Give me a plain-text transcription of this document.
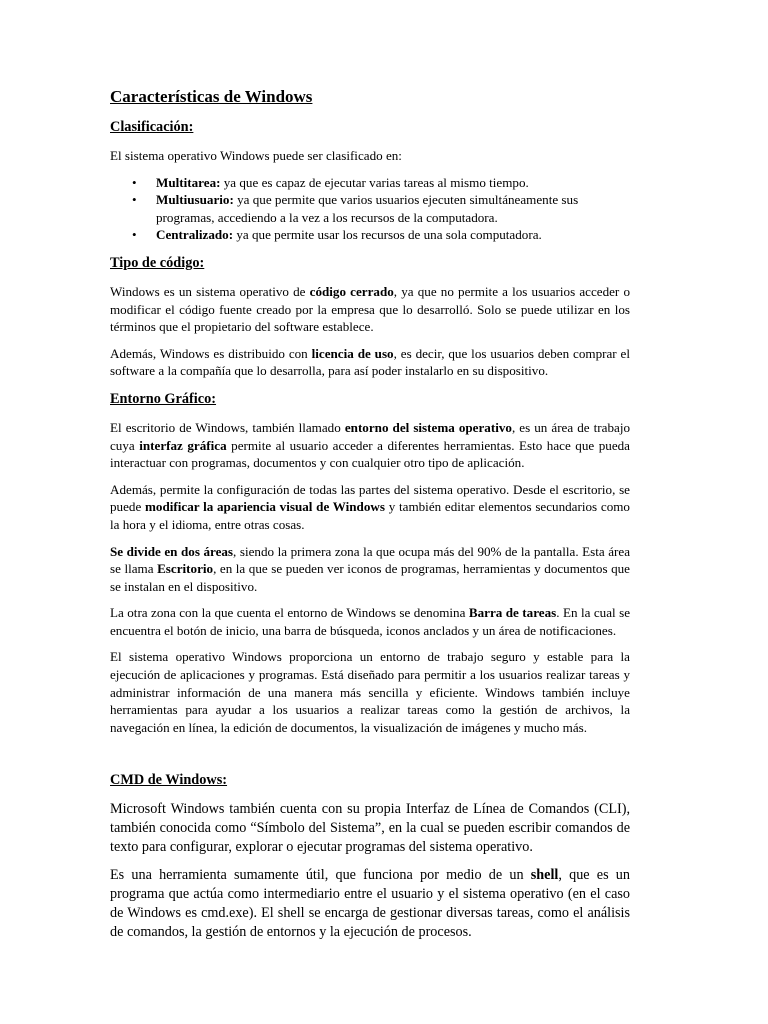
Características de Windows
Clasificación:

El sistema operativo Windows puede ser clasificado en:

• Multitarea: ya que es capaz de ejecutar varias tareas al mismo tiempo.
• Multiusuario: ya que permite que varios usuarios ejecuten simultáneamente sus programas, accediendo a la vez a los recursos de la computadora.
• Centralizado: ya que permite usar los recursos de una sola computadora.
Tipo de código:

Windows es un sistema operativo de código cerrado, ya que no permite a los usuarios acceder o modificar el código fuente creado por la empresa que lo desarrolló. Solo se puede utilizar en los términos que el propietario del software establece.

Además, Windows es distribuido con licencia de uso, es decir, que los usuarios deben comprar el software a la compañía que lo desarrolla, para así poder instalarlo en su dispositivo.

Entorno Gráfico:

El escritorio de Windows, también llamado entorno del sistema operativo, es un área de trabajo cuya interfaz gráfica permite al usuario acceder a diferentes herramientas. Esto hace que pueda interactuar con programas, documentos y con cualquier otro tipo de aplicación.

Además, permite la configuración de todas las partes del sistema operativo. Desde el escritorio, se puede modificar la apariencia visual de Windows y también editar elementos secundarios como la hora y el idioma, entre otras cosas.

Se divide en dos áreas, siendo la primera zona la que ocupa más del 90% de la pantalla. Esta área se llama Escritorio, en la que se pueden ver iconos de programas, herramientas y documentos que se instalan en el dispositivo.

La otra zona con la que cuenta el entorno de Windows se denomina Barra de tareas. En la cual se encuentra el botón de inicio, una barra de búsqueda, iconos anclados y un área de notificaciones.

El sistema operativo Windows proporciona un entorno de trabajo seguro y estable para la ejecución de aplicaciones y programas. Está diseñado para permitir a los usuarios realizar tareas y administrar información de una manera más sencilla y eficiente. Windows también incluye herramientas para ayudar a los usuarios a realizar tareas como la gestión de archivos, la navegación en línea, la edición de documentos, la visualización de imágenes y mucho más.

CMD de Windows:

Microsoft Windows también cuenta con su propia Interfaz de Línea de Comandos (CLI), también conocida como “Símbolo del Sistema”, en la cual se pueden escribir comandos de texto para configurar, explorar o ejecutar programas del sistema operativo.

Es una herramienta sumamente útil, que funciona por medio de un shell, que es un programa que actúa como intermediario entre el usuario y el sistema operativo (en el caso de Windows es cmd.exe). El shell se encarga de gestionar diversas tareas, como el análisis de comandos, la gestión de entornos y la ejecución de procesos.
